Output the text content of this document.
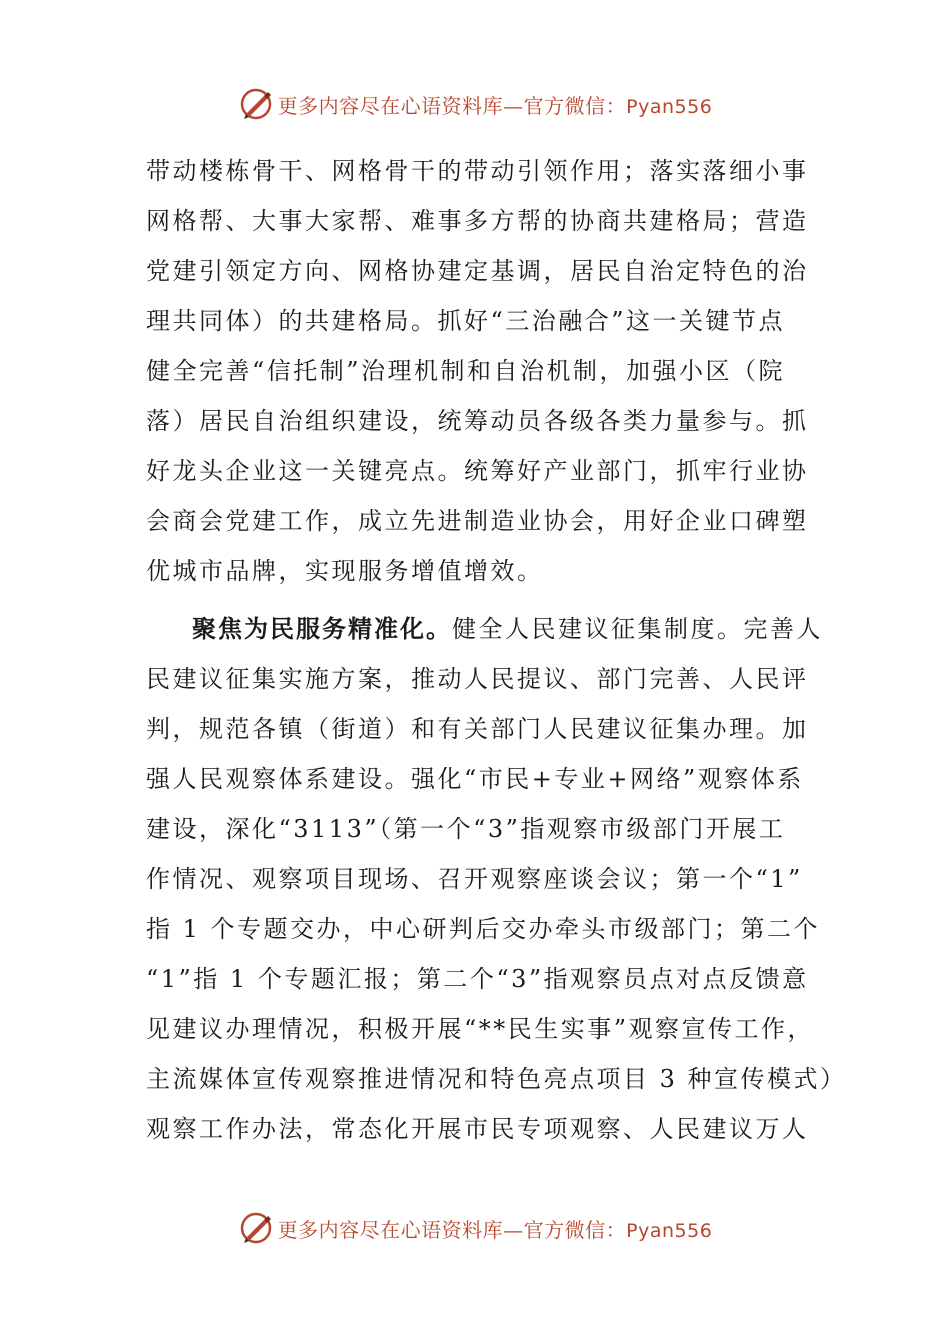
更多内容尽在心语资料库—官方微信：Pyan556
带动楼栋骨干、网格骨干的带动引领作用；落实落细小事
网格帮、大事大家帮、难事多方帮的协商共建格局；营造
党建引领定方向、网格协建定基调，居民自治定特色的治
理共同体）的共建格局。抓好“三治融合”这一关键节点
健全完善“信托制”治理机制和自治机制，加强小区（院
落）居民自治组织建设，统筹动员各级各类力量参与。抓
好龙头企业这一关键亮点。统筹好产业部门，抓牢行业协
会商会党建工作，成立先进制造业协会，用好企业口碑塑
优城市品牌，实现服务增值增效。
聚焦为民服务精准化。健全人民建议征集制度。完善人
民建议征集实施方案，推动人民提议、部门完善、人民评
判，规范各镇（街道）和有关部门人民建议征集办理。加
强人民观察体系建设。强化“市民+专业+网络”观察体系
建设，深化“3113”（第一个“3”指观察市级部门开展工
作情况、观察项目现场、召开观察座谈会议；第一个“1”
指 1 个专题交办，中心研判后交办牵头市级部门；第二个
“1”指 1 个专题汇报；第二个“3”指观察员点对点反馈意
见建议办理情况，积极开展“**民生实事”观察宣传工作，
主流媒体宣传观察推进情况和特色亮点项目 3 种宣传模式）
观察工作办法，常态化开展市民专项观察、人民建议万人
更多内容尽在心语资料库—官方微信：Pyan556
